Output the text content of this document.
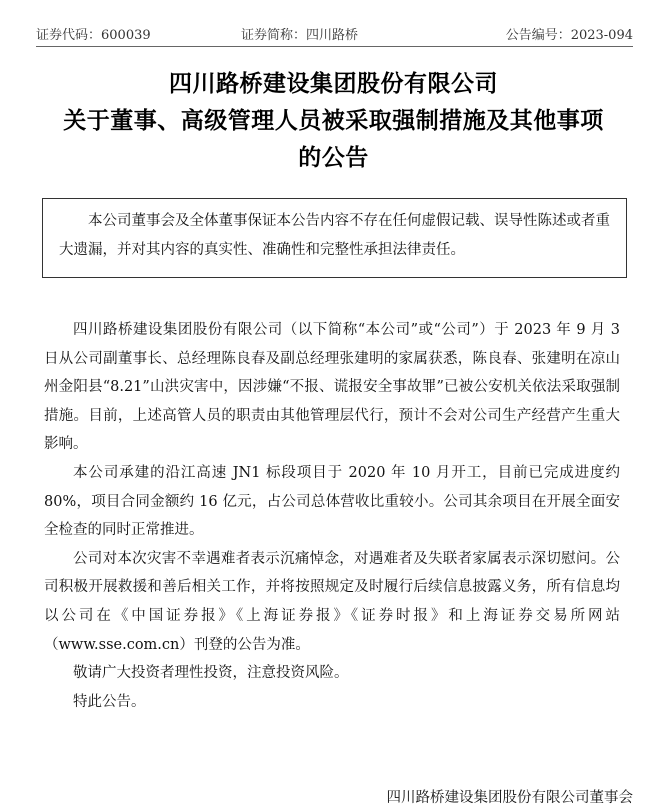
证券代码：600039	证券简称：四川路桥	公告编号：2023-094
四川路桥建设集团股份有限公司
关于董事、高级管理人员被采取强制措施及其他事项
的公告
本公司董事会及全体董事保证本公告内容不存在任何虚假记载、误导性陈述或者重大遗漏，并对其内容的真实性、准确性和完整性承担法律责任。

四川路桥建设集团股份有限公司（以下简称“本公司”或“公司”）于 2023 年 9 月 3 日从公司副董事长、总经理陈良春及副总经理张建明的家属获悉，陈良春、张建明在凉山州金阳县“8.21”山洪灾害中，因涉嫌“不报、谎报安全事故罪”已被公安机关依法采取强制措施。目前，上述高管人员的职责由其他管理层代行，预计不会对公司生产经营产生重大影响。

本公司承建的沿江高速 JN1 标段项目于 2020 年 10 月开工，目前已完成进度约 80%，项目合同金额约 16 亿元，占公司总体营收比重较小。公司其余项目在开展全面安全检查的同时正常推进。

公司对本次灾害不幸遇难者表示沉痛悼念，对遇难者及失联者家属表示深切慰问。公司积极开展救援和善后相关工作，并将按照规定及时履行后续信息披露义务，所有信息均以公司在《中国证券报》《上海证券报》《证券时报》和上海证券交易所网站（www.sse.com.cn）刊登的公告为准。

敬请广大投资者理性投资，注意投资风险。

特此公告。

四川路桥建设集团股份有限公司董事会
